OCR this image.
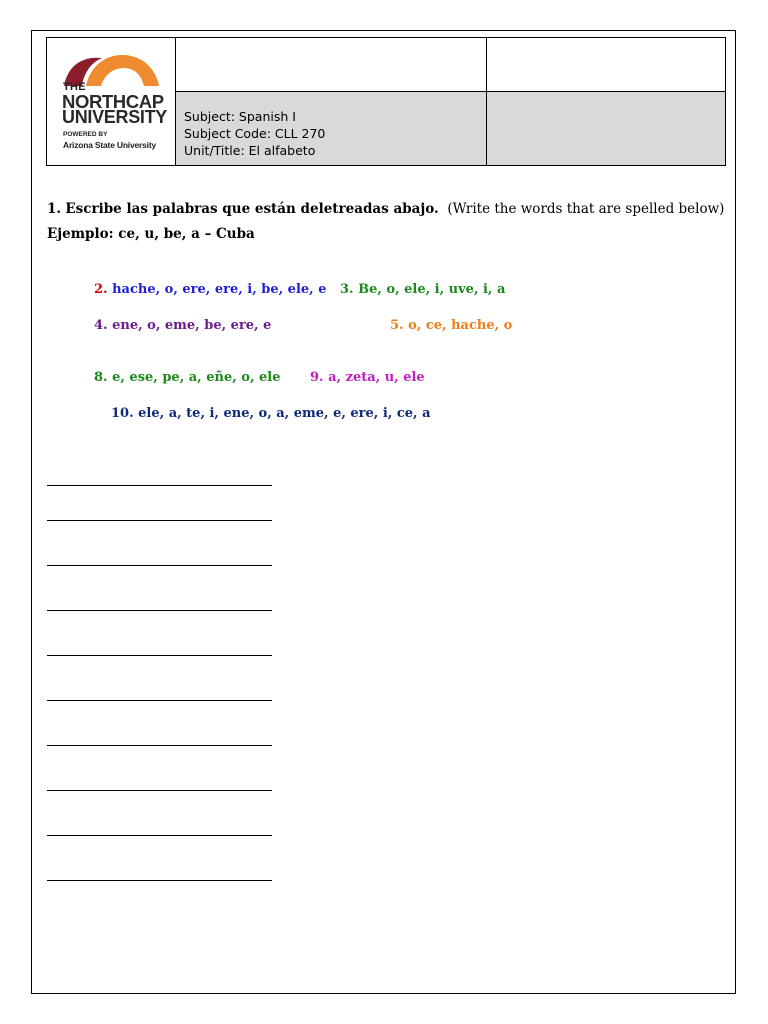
THE
NORTHCAP
UNIVERSITY
POWERED BY
Arizona State University		

	Subject: Spanish I
Subject Code: CLL 270
Unit/Title: El alfabeto	

1. Escribe las palabras que están deletreadas abajo. (Write the words that are spelled below)
Ejemplo: ce, u, be, a – Cuba
2. hache, o, ere, ere, i, be, ele, e 3. Be, o, ele, i, uve, i, a
4. ene, o, eme, be, ere, e	5. o, ce, hache, o
8. e, ese, pe, a, eñe, o, ele 9. a, zeta, u, ele
10. ele, a, te, i, ene, o, a, eme, e, ere, i, ce, a
